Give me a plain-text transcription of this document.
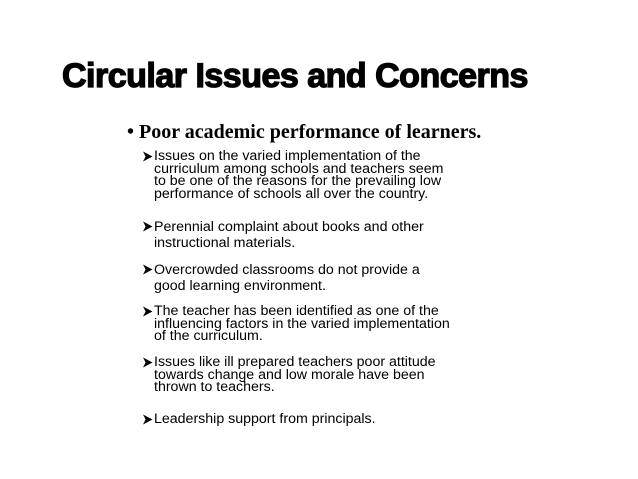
Circular Issues and Concerns
• Poor academic performance of learners.
Issues on the varied implementation of the
curriculum among schools and teachers seem
to be one of the reasons for the prevailing low
performance of schools all over the country.
Perennial complaint about books and other
instructional materials.
Overcrowded classrooms do not provide a
good learning environment.
The teacher has been identified as one of the
influencing factors in the varied implementation
of the curriculum.
Issues like ill prepared teachers poor attitude
towards change and low morale have been
thrown to teachers.
Leadership support from principals.
